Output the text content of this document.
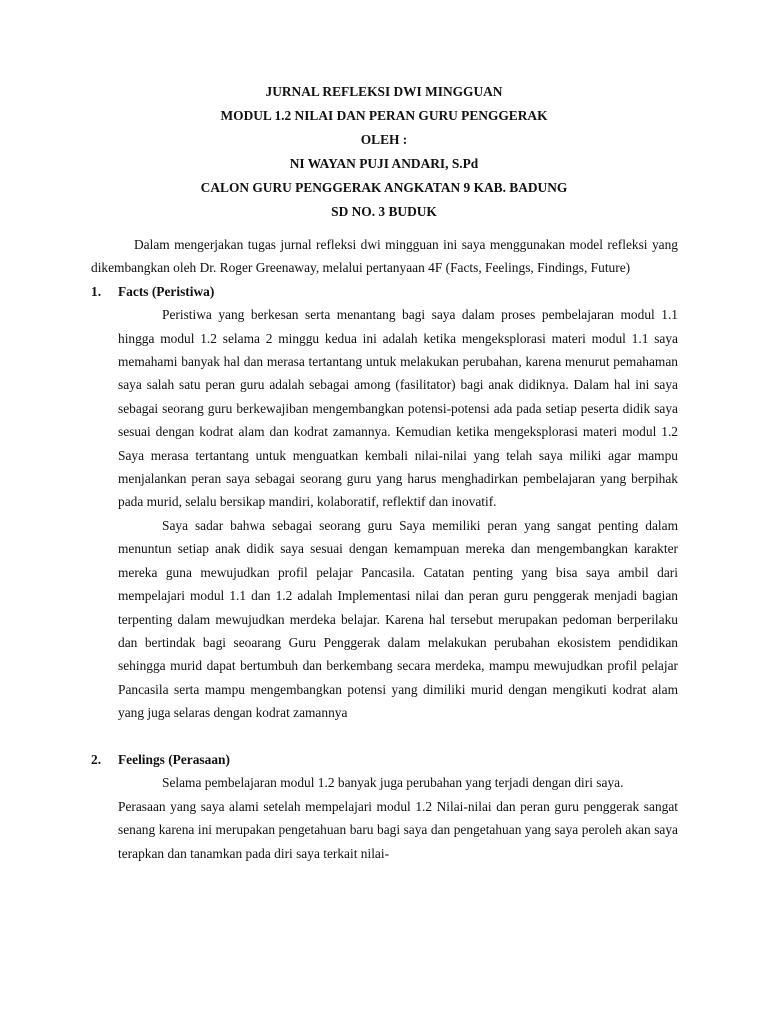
JURNAL REFLEKSI DWI MINGGUAN
MODUL 1.2 NILAI DAN PERAN GURU PENGGERAK
OLEH :
NI WAYAN PUJI ANDARI, S.Pd
CALON GURU PENGGERAK ANGKATAN 9 KAB. BADUNG
SD NO. 3 BUDUK

Dalam mengerjakan tugas jurnal refleksi dwi mingguan ini saya menggunakan model refleksi yang dikembangkan oleh Dr. Roger Greenaway, melalui pertanyaan 4F (Facts, Feelings, Findings, Future)

1.	Facts (Peristiwa)

Peristiwa yang berkesan serta menantang bagi saya dalam proses pembelajaran modul 1.1 hingga modul 1.2 selama 2 minggu kedua ini adalah ketika mengeksplorasi materi modul 1.1 saya memahami banyak hal dan merasa tertantang untuk melakukan perubahan, karena menurut pemahaman saya salah satu peran guru adalah sebagai among (fasilitator) bagi anak didiknya. Dalam hal ini saya sebagai seorang guru berkewajiban mengembangkan potensi-potensi ada pada setiap peserta didik saya sesuai dengan kodrat alam dan kodrat zamannya. Kemudian ketika mengeksplorasi materi modul 1.2 Saya merasa tertantang untuk menguatkan kembali nilai-nilai yang telah saya miliki agar mampu menjalankan peran saya sebagai seorang guru yang harus menghadirkan pembelajaran yang berpihak pada murid, selalu bersikap mandiri, kolaboratif, reflektif dan inovatif.

Saya sadar bahwa sebagai seorang guru Saya memiliki peran yang sangat penting dalam menuntun setiap anak didik saya sesuai dengan kemampuan mereka dan mengembangkan karakter mereka guna mewujudkan profil pelajar Pancasila. Catatan penting yang bisa saya ambil dari mempelajari modul 1.1 dan 1.2 adalah Implementasi nilai dan peran guru penggerak menjadi bagian terpenting dalam mewujudkan merdeka belajar. Karena hal tersebut merupakan pedoman berperilaku dan bertindak bagi seoarang Guru Penggerak dalam melakukan perubahan ekosistem pendidikan sehingga murid dapat bertumbuh dan berkembang secara merdeka, mampu mewujudkan profil pelajar Pancasila serta mampu mengembangkan potensi yang dimiliki murid dengan mengikuti kodrat alam yang juga selaras dengan kodrat zamannya

2.	Feelings (Perasaan)

Selama pembelajaran modul 1.2 banyak juga perubahan yang terjadi dengan diri saya.

Perasaan yang saya alami setelah mempelajari modul 1.2 Nilai-nilai dan peran guru penggerak sangat senang karena ini merupakan pengetahuan baru bagi saya dan pengetahuan yang saya peroleh akan saya terapkan dan tanamkan pada diri saya terkait nilai-
